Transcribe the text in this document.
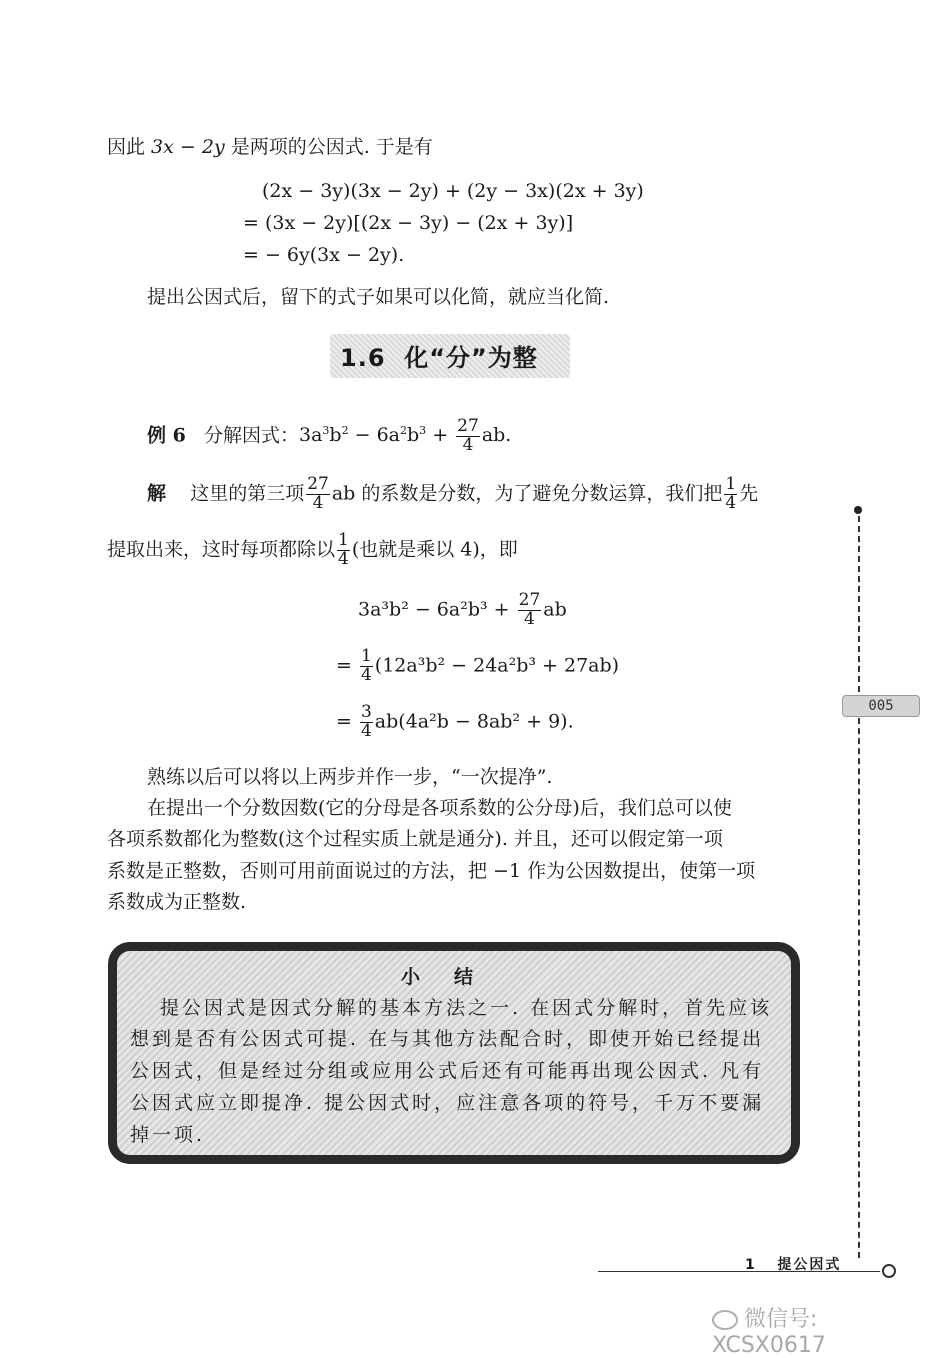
因此 3x − 2y 是两项的公因式. 于是有
(2x − 3y)(3x − 2y) + (2y − 3x)(2x + 3y)
= (3x − 2y)[(2x − 3y) − (2x + 3y)]
= − 6y(3x − 2y).
提出公因式后，留下的式子如果可以化简，就应当化简.
1.6 化“分”为整
例 6 分解因式：$3a^3b^2 - 6a^2b^3 + \frac{27}{4}$ ab.
解 这里的第三项 $\frac{27}{4}$ ab 的系数是分数，为了避免分数运算，我们把 $\frac{1}{4}$ 先
提取出来，这时每项都除以 $\frac{1}{4}$ (也就是乘以 4)，即
$3a^3b^2 - 6a^2b^3 + \frac{27}{4}$ ab
= $\frac{1}{4} (12a^3b^2 - 24a^2b^3 + 27ab)$
= $\frac{3}{4} ab(4a^2b - 8ab^2 + 9)$.
熟练以后可以将以上两步并作一步，“一次提净”.
在提出一个分数因数(它的分母是各项系数的公分母)后，我们总可以使
各项系数都化为整数(这个过程实质上就是通分). 并且，还可以假定第一项
系数是正整数，否则可用前面说过的方法，把 −1 作为公因数提出，使第一项
系数成为正整数.
小结
提公因式是因式分解的基本方法之一. 在因式分解时，首先应该
想到是否有公因式可提. 在与其他方法配合时，即使开始已经提出
公因式，但是经过分组或应用公式后还有可能再出现公因式. 凡有
公因式应立即提净. 提公因式时，应注意各项的符号，千万不要漏
掉一项.
005
1 提公因式
微信号: XCSX0617
